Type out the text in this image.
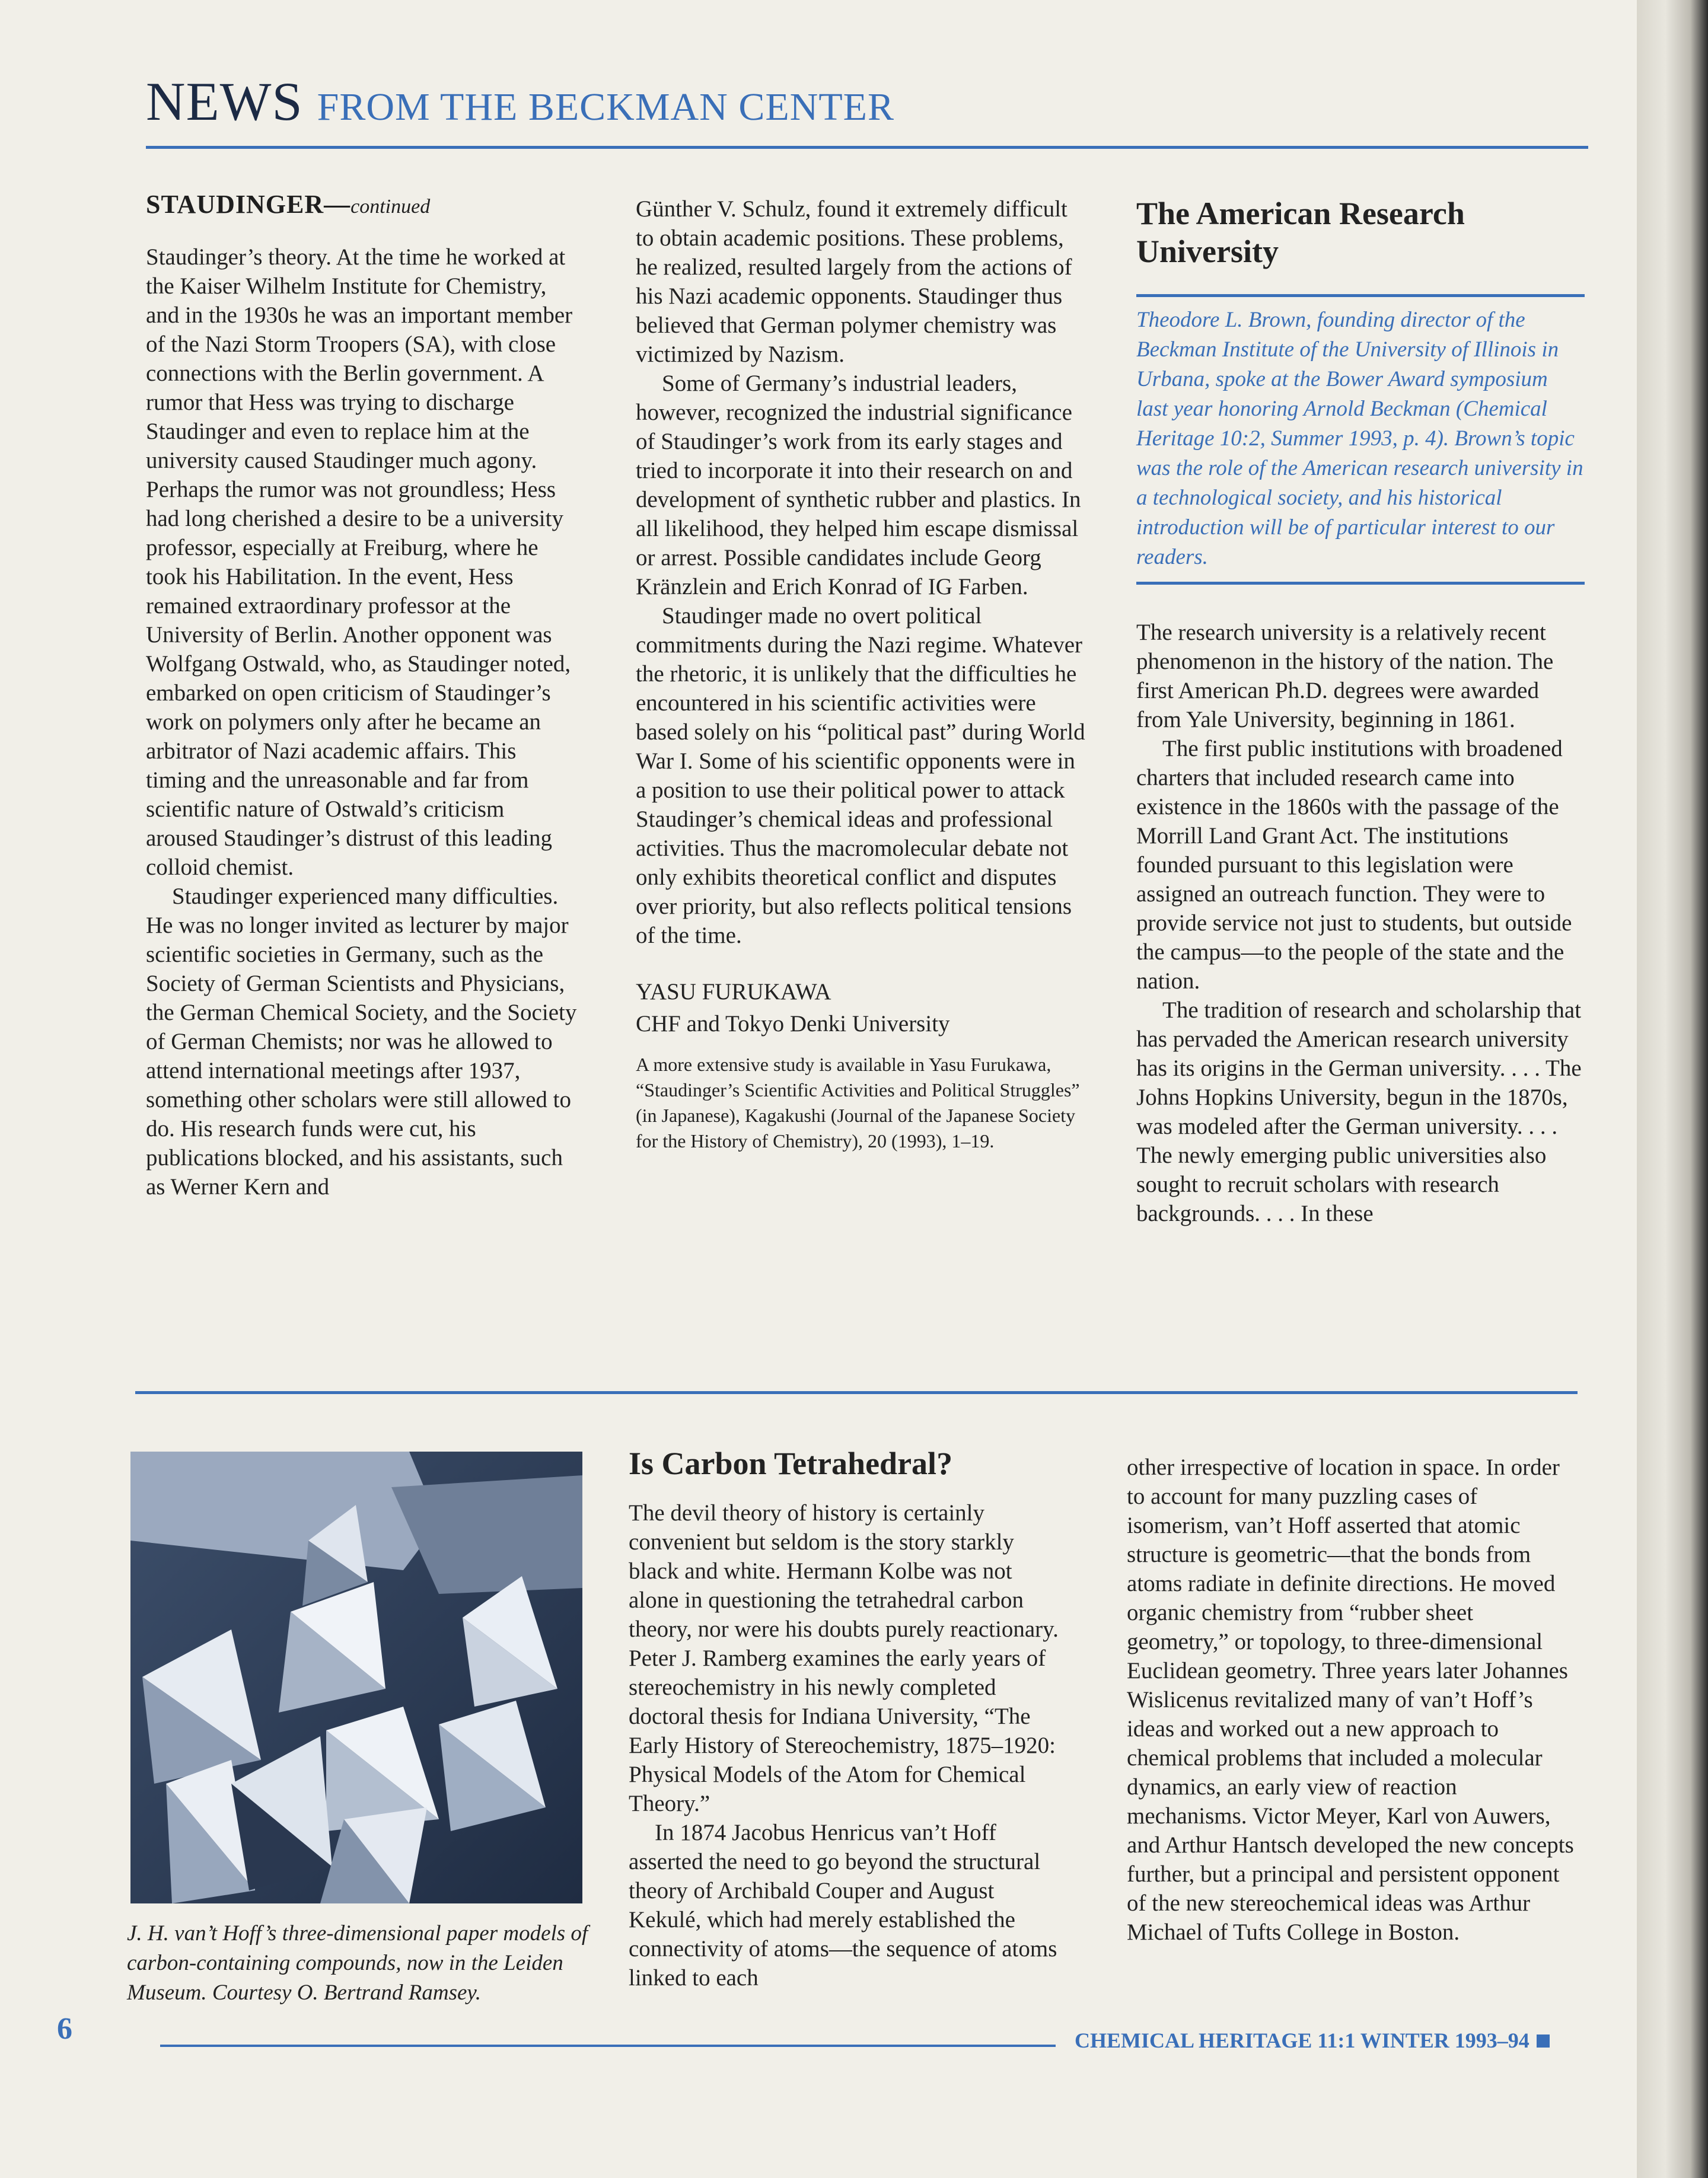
NEWS FROM THE BECKMAN CENTER
STAUDINGER—continued

Staudinger’s theory. At the time he worked at the Kaiser Wilhelm Institute for Chemistry, and in the 1930s he was an important member of the Nazi Storm Troopers (SA), with close connections with the Berlin government. A rumor that Hess was trying to discharge Staudinger and even to replace him at the university caused Staudinger much agony. Perhaps the rumor was not groundless; Hess had long cherished a desire to be a university professor, especially at Freiburg, where he took his Habilitation. In the event, Hess remained extraordinary professor at the University of Berlin. Another opponent was Wolfgang Ostwald, who, as Staudinger noted, embarked on open criticism of Staudinger’s work on polymers only after he became an arbitrator of Nazi academic affairs. This timing and the unreasonable and far from scientific nature of Ostwald’s criticism aroused Staudinger’s distrust of this leading colloid chemist.

Staudinger experienced many difficulties. He was no longer invited as lecturer by major scientific societies in Germany, such as the Society of German Scientists and Physicians, the German Chemical Society, and the Society of German Chemists; nor was he allowed to attend international meetings after 1937, something other scholars were still allowed to do. His research funds were cut, his publications blocked, and his assistants, such as Werner Kern and

Günther V. Schulz, found it extremely difficult to obtain academic positions. These problems, he realized, resulted largely from the actions of his Nazi academic opponents. Staudinger thus believed that German polymer chemistry was victimized by Nazism.

Some of Germany’s industrial leaders, however, recognized the industrial significance of Staudinger’s work from its early stages and tried to incorporate it into their research on and development of synthetic rubber and plastics. In all likelihood, they helped him escape dismissal or arrest. Possible candidates include Georg Kränzlein and Erich Konrad of IG Farben.

Staudinger made no overt political commitments during the Nazi regime. Whatever the rhetoric, it is unlikely that the difficulties he encountered in his scientific activities were based solely on his “political past” during World War I. Some of his scientific opponents were in a position to use their political power to attack Staudinger’s chemical ideas and professional activities. Thus the macromolecular debate not only exhibits theoretical conflict and disputes over priority, but also reflects political tensions of the time.

YASU FURUKAWA
CHF and Tokyo Denki University
A more extensive study is available in Yasu Furukawa, “Staudinger’s Scientific Activities and Political Struggles” (in Japanese), Kagakushi (Journal of the Japanese Society for the History of Chemistry), 20 (1993), 1–19.
The American Research University
Theodore L. Brown, founding director of the Beckman Institute of the University of Illinois in Urbana, spoke at the Bower Award symposium last year honoring Arnold Beckman (Chemical Heritage 10:2, Summer 1993, p. 4). Brown’s topic was the role of the American research university in a technological society, and his historical introduction will be of particular interest to our readers.

The research university is a relatively recent phenomenon in the history of the nation. The first American Ph.D. degrees were awarded from Yale University, beginning in 1861.

The first public institutions with broadened charters that included research came into existence in the 1860s with the passage of the Morrill Land Grant Act. The institutions founded pursuant to this legislation were assigned an outreach function. They were to provide service not just to students, but outside the campus—to the people of the state and the nation.

The tradition of research and scholarship that has pervaded the American research university has its origins in the German university. . . . The Johns Hopkins University, begun in the 1870s, was modeled after the German university. . . . The newly emerging public universities also sought to recruit scholars with research backgrounds. . . . In these

J. H. van’t Hoff’s three-dimensional paper models of carbon-containing compounds, now in the Leiden Museum. Courtesy O. Bertrand Ramsey.
Is Carbon Tetrahedral?

The devil theory of history is certainly convenient but seldom is the story starkly black and white. Hermann Kolbe was not alone in questioning the tetrahedral carbon theory, nor were his doubts purely reactionary. Peter J. Ramberg examines the early years of stereochemistry in his newly completed doctoral thesis for Indiana University, “The Early History of Stereochemistry, 1875–1920: Physical Models of the Atom for Chemical Theory.”

In 1874 Jacobus Henricus van’t Hoff asserted the need to go beyond the structural theory of Archibald Couper and August Kekulé, which had merely established the connectivity of atoms—the sequence of atoms linked to each

other irrespective of location in space. In order to account for many puzzling cases of isomerism, van’t Hoff asserted that atomic structure is geometric—that the bonds from atoms radiate in definite directions. He moved organic chemistry from “rubber sheet geometry,” or topology, to three-dimensional Euclidean geometry. Three years later Johannes Wislicenus revitalized many of van’t Hoff’s ideas and worked out a new approach to chemical problems that included a molecular dynamics, an early view of reaction mechanisms. Victor Meyer, Karl von Auwers, and Arthur Hantsch developed the new concepts further, but a principal and persistent opponent of the new stereochemical ideas was Arthur Michael of Tufts College in Boston.

6	CHEMICAL HERITAGE 11:1 WINTER 1993–94
